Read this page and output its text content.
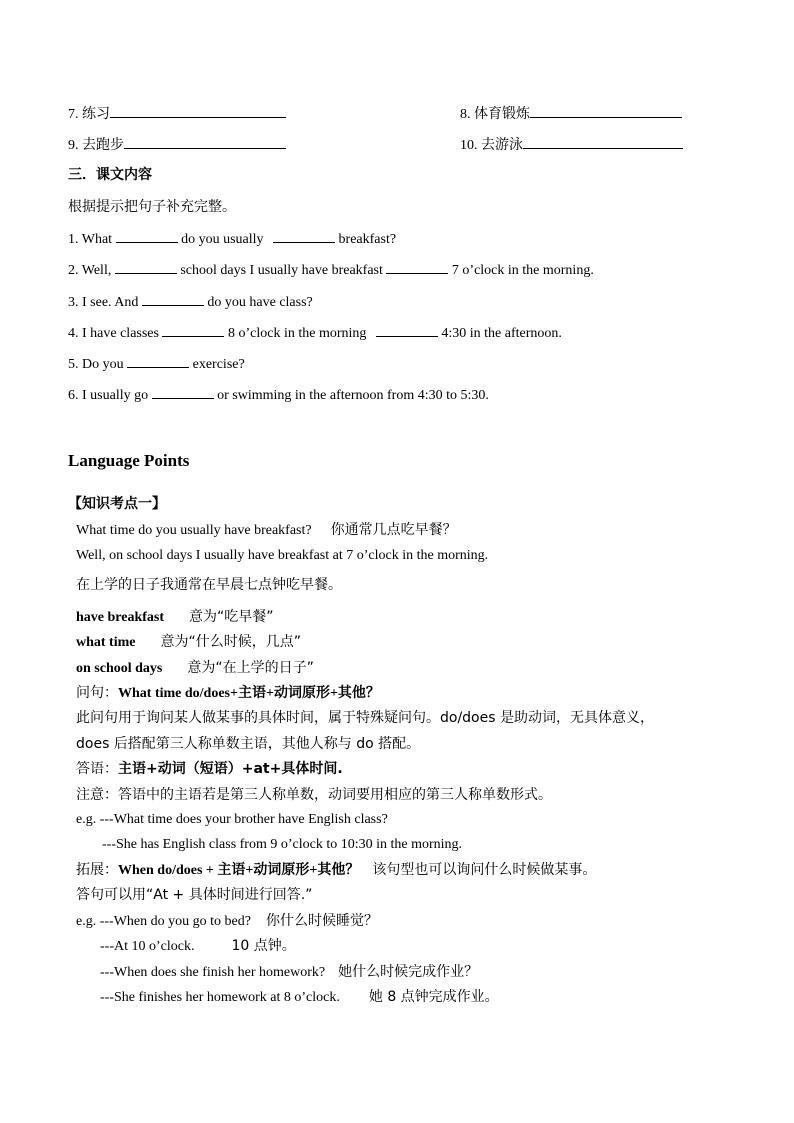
7. 练习	8. 体育锻炼
9. 去跑步	10. 去游泳
三．课文内容
根据提示把句子补充完整。
1. What	do you usually	breakfast?
2. Well,	school days I usually have breakfast	7 o’clock in the morning.
3. I see. And	do you have class?
4. I have classes	8 o’clock in the morning	4:30 in the afternoon.
5. Do you	exercise?
6. I usually go	or swimming in the afternoon from 4:30 to 5:30.
Language Points
【知识考点一】
What time do you usually have breakfast? 你通常几点吃早餐？
Well, on school days I usually have breakfast at 7 o’clock in the morning.
在上学的日子我通常在早晨七点钟吃早餐。
have breakfast 意为“吃早餐”
what time 意为“什么时候，几点”
on school days 意为“在上学的日子”
问句：What time do/does+主语+动词原形+其他？
此问句用于询问某人做某事的具体时间，属于特殊疑问句。do/does 是助动词，无具体意义，
does 后搭配第三人称单数主语，其他人称与 do 搭配。
答语：主语+动词（短语）+at+具体时间.
注意：答语中的主语若是第三人称单数，动词要用相应的第三人称单数形式。
e.g. ---What time does your brother have English class?
---She has English class from 9 o’clock to 10:30 in the morning.
拓展：When do/does + 主语+动词原形+其他？ 该句型也可以询问什么时候做某事。
答句可以用“At + 具体时间进行回答.”
e.g. ---When do you go to bed? 你什么时候睡觉？
---At 10 o’clock.	10 点钟。
---When does she finish her homework? 她什么时候完成作业？
---She finishes her homework at 8 o’clock. 她 8 点钟完成作业。
